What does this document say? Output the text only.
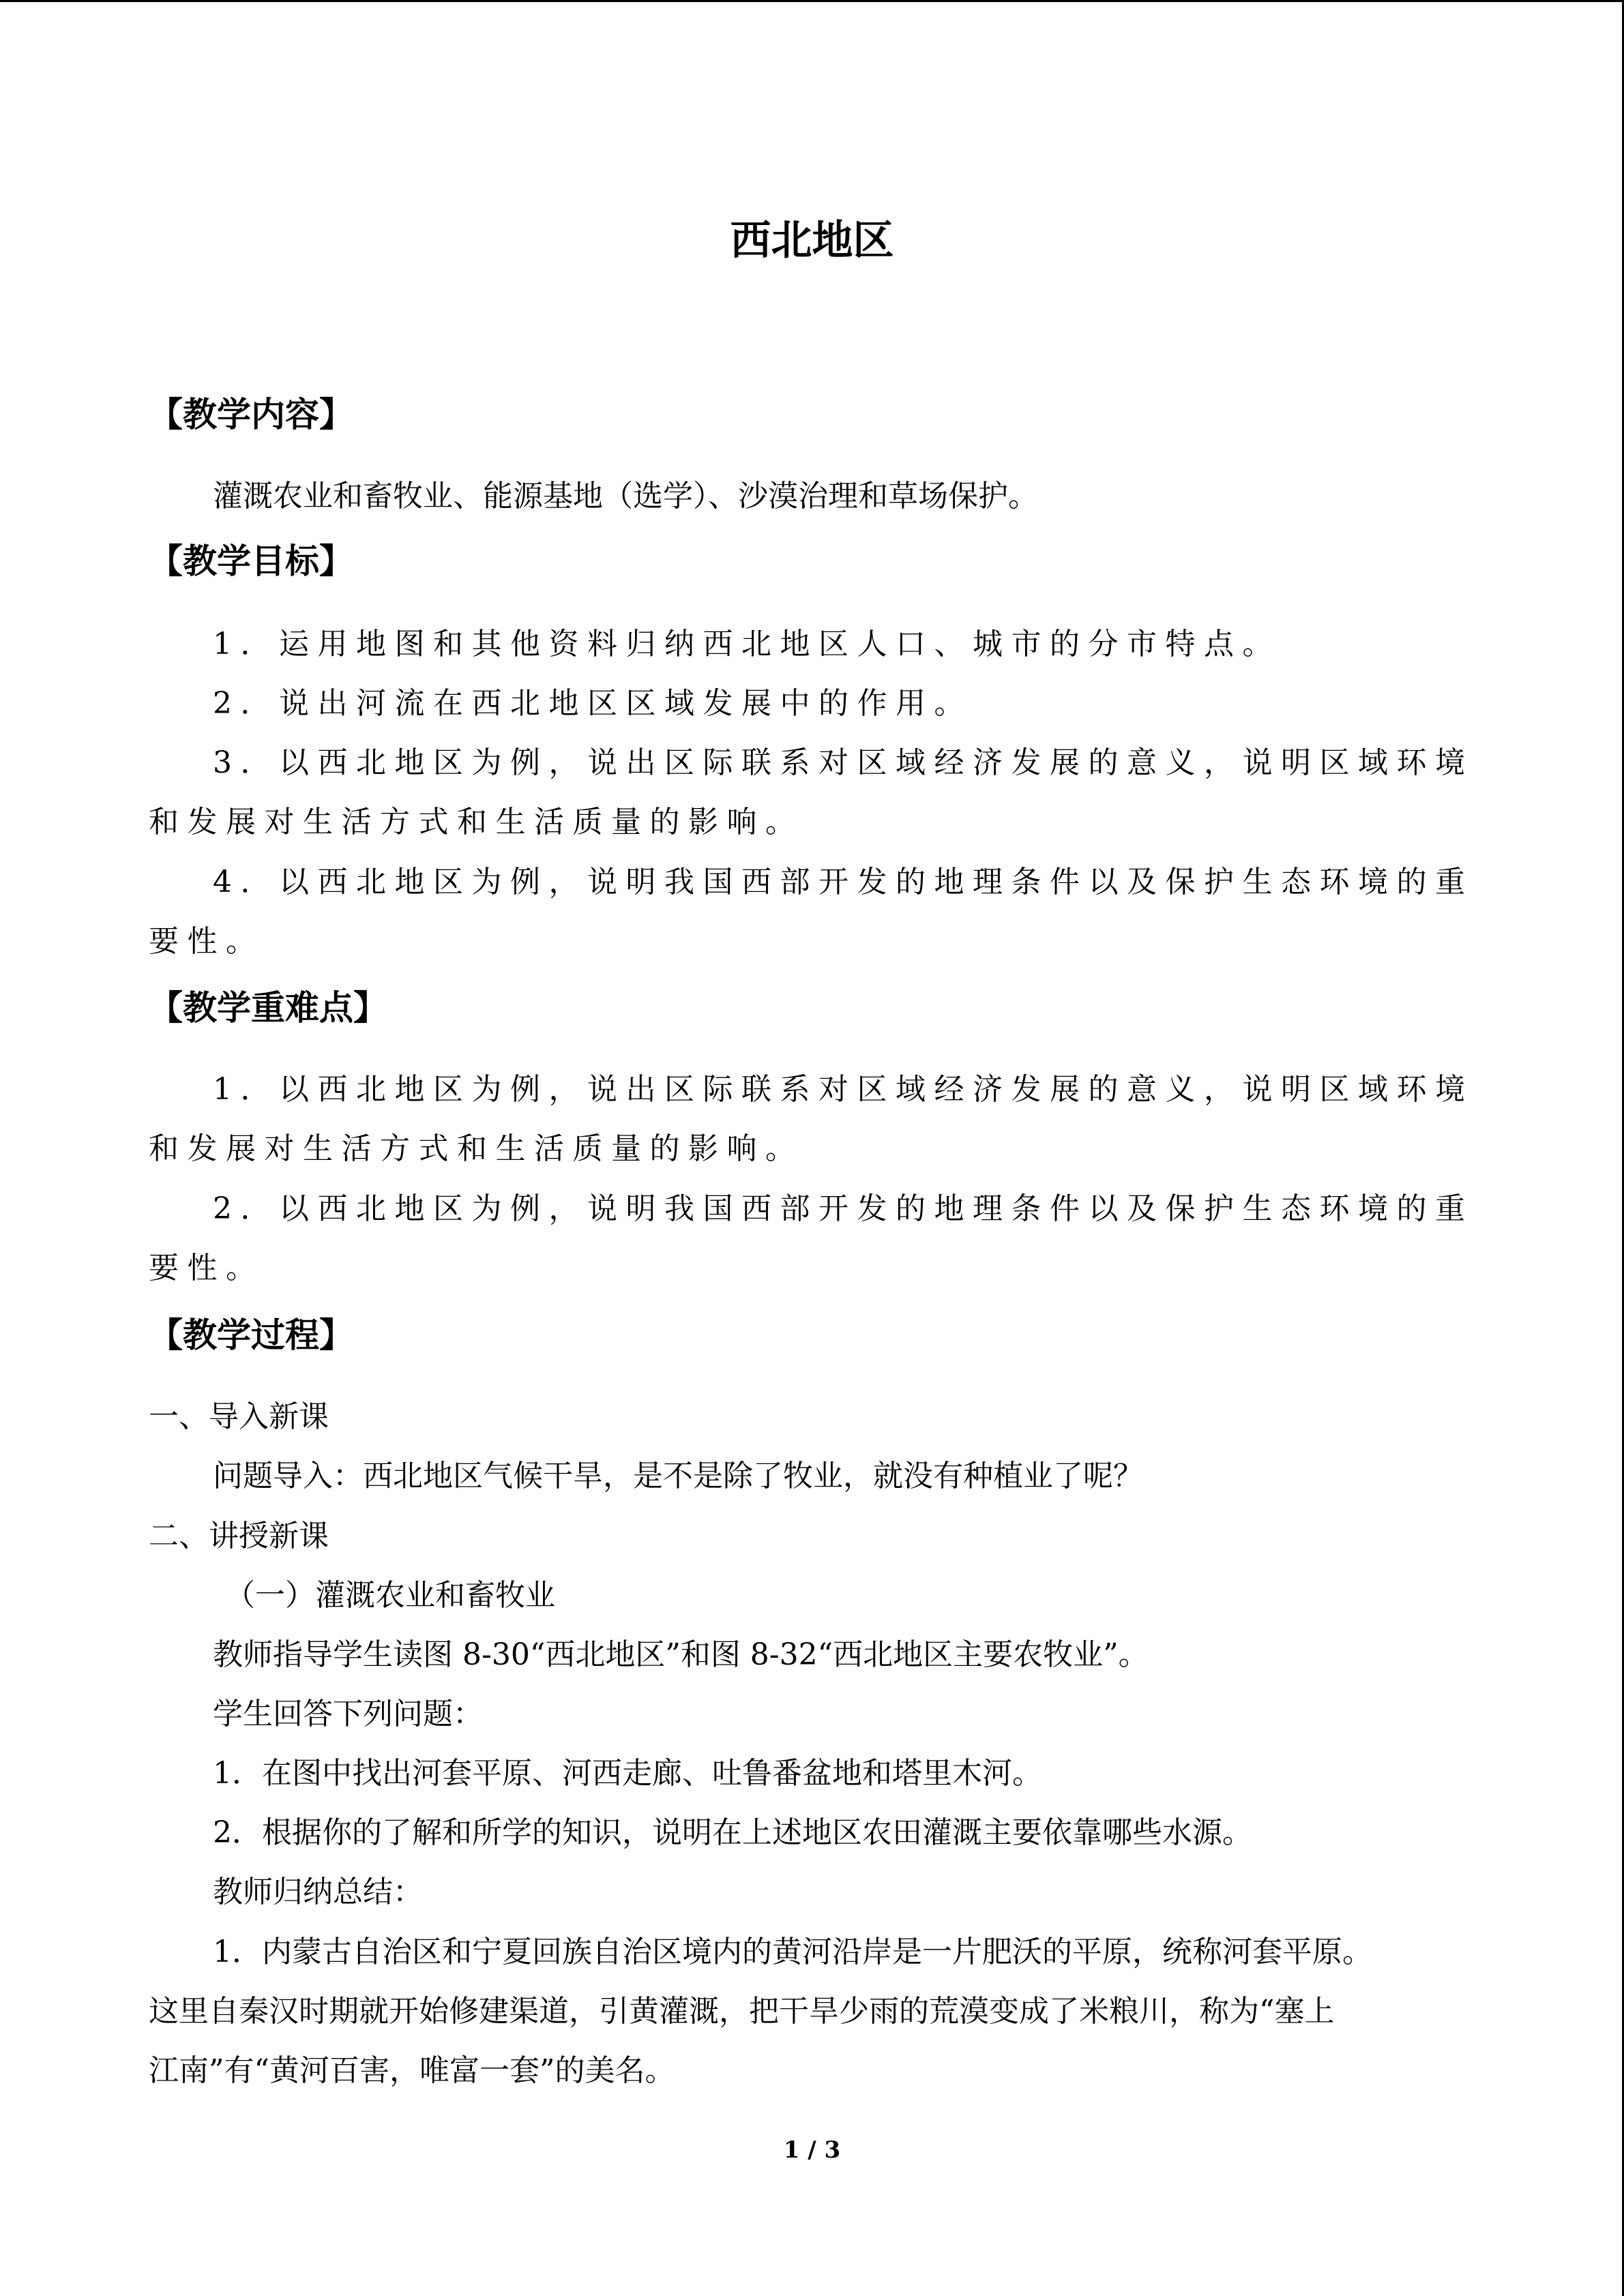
西北地区
【教学内容】
灌溉农业和畜牧业、能源基地（选学）、沙漠治理和草场保护。
【教学目标】
1．运用地图和其他资料归纳西北地区人口、城市的分市特点。
2．说出河流在西北地区区域发展中的作用。
3．以西北地区为例，说出区际联系对区域经济发展的意义，说明区域环境
和发展对生活方式和生活质量的影响。
4．以西北地区为例，说明我国西部开发的地理条件以及保护生态环境的重
要性。
【教学重难点】
1．以西北地区为例，说出区际联系对区域经济发展的意义，说明区域环境
和发展对生活方式和生活质量的影响。
2．以西北地区为例，说明我国西部开发的地理条件以及保护生态环境的重
要性。
【教学过程】
一、导入新课
问题导入：西北地区气候干旱，是不是除了牧业，就没有种植业了呢？
二、讲授新课
（一）灌溉农业和畜牧业
教师指导学生读图 8-30“西北地区”和图 8-32“西北地区主要农牧业”。
学生回答下列问题：
1．在图中找出河套平原、河西走廊、吐鲁番盆地和塔里木河。
2．根据你的了解和所学的知识，说明在上述地区农田灌溉主要依靠哪些水源。
教师归纳总结：
1．内蒙古自治区和宁夏回族自治区境内的黄河沿岸是一片肥沃的平原，统称河套平原。
这里自秦汉时期就开始修建渠道，引黄灌溉，把干旱少雨的荒漠变成了米粮川，称为“塞上
江南”有“黄河百害，唯富一套”的美名。
1 / 3
